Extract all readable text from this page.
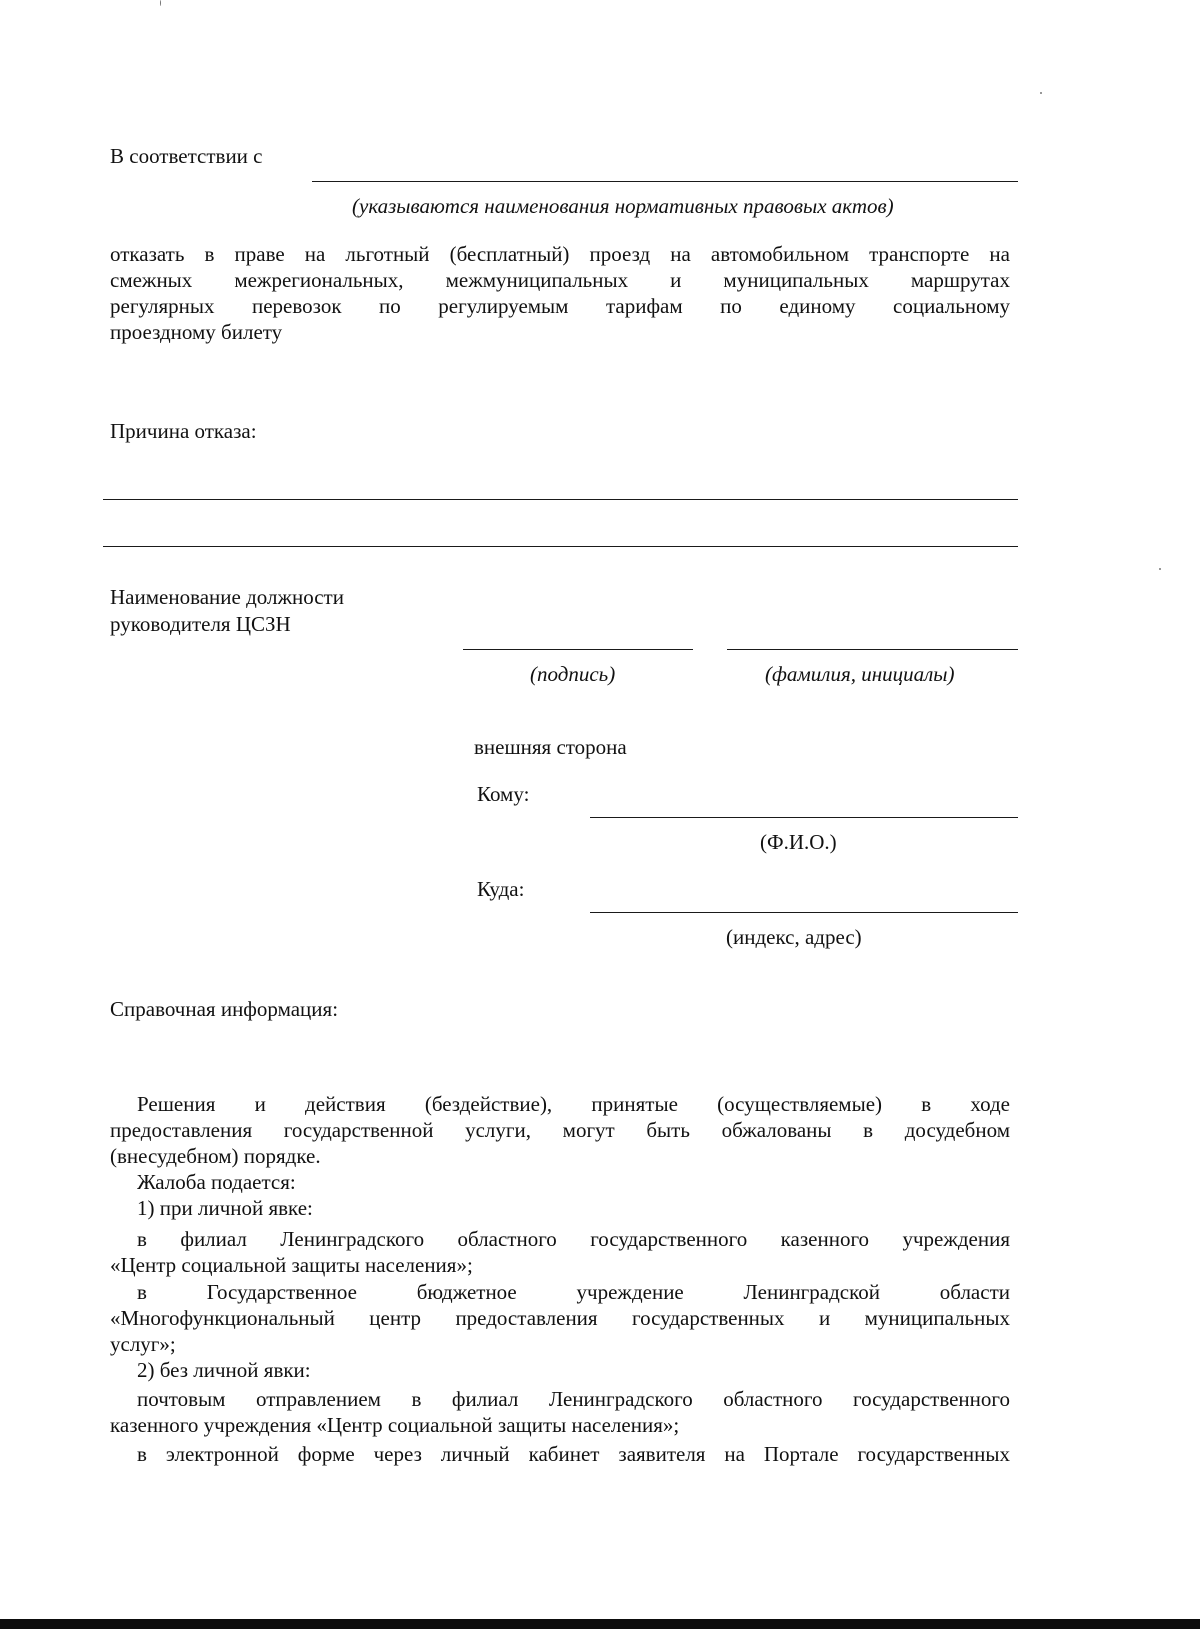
В соответствии с
(указываются наименования нормативных правовых актов)
отказать в праве на льготный (бесплатный) проезд на автомобильном транспорте на
смежных межрегиональных, межмуниципальных и муниципальных маршрутах
регулярных перевозок по регулируемым тарифам по единому социальному
проездному билету
Причина отказа:
Наименование должности
руководителя ЦСЗН
(подпись)	(фамилия, инициалы)
внешняя сторона
Кому:
(Ф.И.О.)
Куда:
(индекс, адрес)
Справочная информация:
Решения и действия (бездействие), принятые (осуществляемые) в ходе
предоставления государственной услуги, могут быть обжалованы в досудебном
(внесудебном) порядке.
Жалоба подается:
1) при личной явке:
в филиал Ленинградского областного государственного казенного учреждения
«Центр социальной защиты населения»;
в Государственное бюджетное учреждение Ленинградской области
«Многофункциональный центр предоставления государственных и муниципальных
услуг»;
2) без личной явки:
почтовым отправлением в филиал Ленинградского областного государственного
казенного учреждения «Центр социальной защиты населения»;
в электронной форме через личный кабинет заявителя на Портале государственных
